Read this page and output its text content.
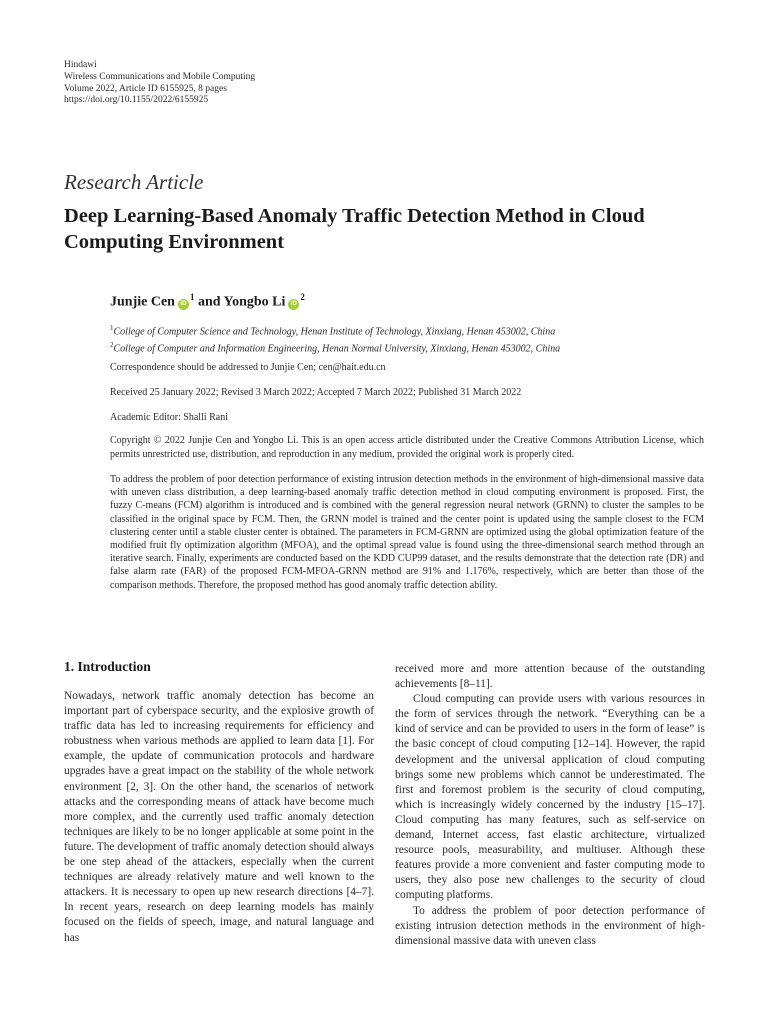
Hindawi
Wireless Communications and Mobile Computing
Volume 2022, Article ID 6155925, 8 pages
https://doi.org/10.1155/2022/6155925
Research Article
Deep Learning-Based Anomaly Traffic Detection Method in Cloud Computing Environment
Junjie Cen $iD^1$ and Yongbo Li $iD^2$
$^1$College of Computer Science and Technology, Henan Institute of Technology, Xinxiang, Henan 453002, China
$^2$College of Computer and Information Engineering, Henan Normal University, Xinxiang, Henan 453002, China
Correspondence should be addressed to Junjie Cen; cen@hait.edu.cn
Received 25 January 2022; Revised 3 March 2022; Accepted 7 March 2022; Published 31 March 2022
Academic Editor: Shalli Rani
Copyright © 2022 Junjie Cen and Yongbo Li. This is an open access article distributed under the Creative Commons Attribution License, which permits unrestricted use, distribution, and reproduction in any medium, provided the original work is properly cited.
To address the problem of poor detection performance of existing intrusion detection methods in the environment of high-dimensional massive data with uneven class distribution, a deep learning-based anomaly traffic detection method in cloud computing environment is proposed. First, the fuzzy C-means (FCM) algorithm is introduced and is combined with the general regression neural network (GRNN) to cluster the samples to be classified in the original space by FCM. Then, the GRNN model is trained and the center point is updated using the sample closest to the FCM clustering center until a stable cluster center is obtained. The parameters in FCM-GRNN are optimized using the global optimization feature of the modified fruit fly optimization algorithm (MFOA), and the optimal spread value is found using the three-dimensional search method through an iterative search. Finally, experiments are conducted based on the KDD CUP99 dataset, and the results demonstrate that the detection rate (DR) and false alarm rate (FAR) of the proposed FCM-MFOA-GRNN method are 91% and 1.176%, respectively, which are better than those of the comparison methods. Therefore, the proposed method has good anomaly traffic detection ability.
1. Introduction

Nowadays, network traffic anomaly detection has become an important part of cyberspace security, and the explosive growth of traffic data has led to increasing requirements for efficiency and robustness when various methods are applied to learn data [1]. For example, the update of communication protocols and hardware upgrades have a great impact on the stability of the whole network environment [2, 3]. On the other hand, the scenarios of network attacks and the corresponding means of attack have become much more complex, and the currently used traffic anomaly detection techniques are likely to be no longer applicable at some point in the future. The development of traffic anomaly detection should always be one step ahead of the attackers, especially when the current techniques are already relatively mature and well known to the attackers. It is necessary to open up new research directions [4–7]. In recent years, research on deep learning models has mainly focused on the fields of speech, image, and natural language and has

received more and more attention because of the outstanding achievements [8–11].

Cloud computing can provide users with various resources in the form of services through the network. “Everything can be a kind of service and can be provided to users in the form of lease” is the basic concept of cloud computing [12–14]. However, the rapid development and the universal application of cloud computing brings some new problems which cannot be underestimated. The first and foremost problem is the security of cloud computing, which is increasingly widely concerned by the industry [15–17]. Cloud computing has many features, such as self-service on demand, Internet access, fast elastic architecture, virtualized resource pools, measurability, and multiuser. Although these features provide a more convenient and faster computing mode to users, they also pose new challenges to the security of cloud computing platforms.

To address the problem of poor detection performance of existing intrusion detection methods in the environment of high-dimensional massive data with uneven class
